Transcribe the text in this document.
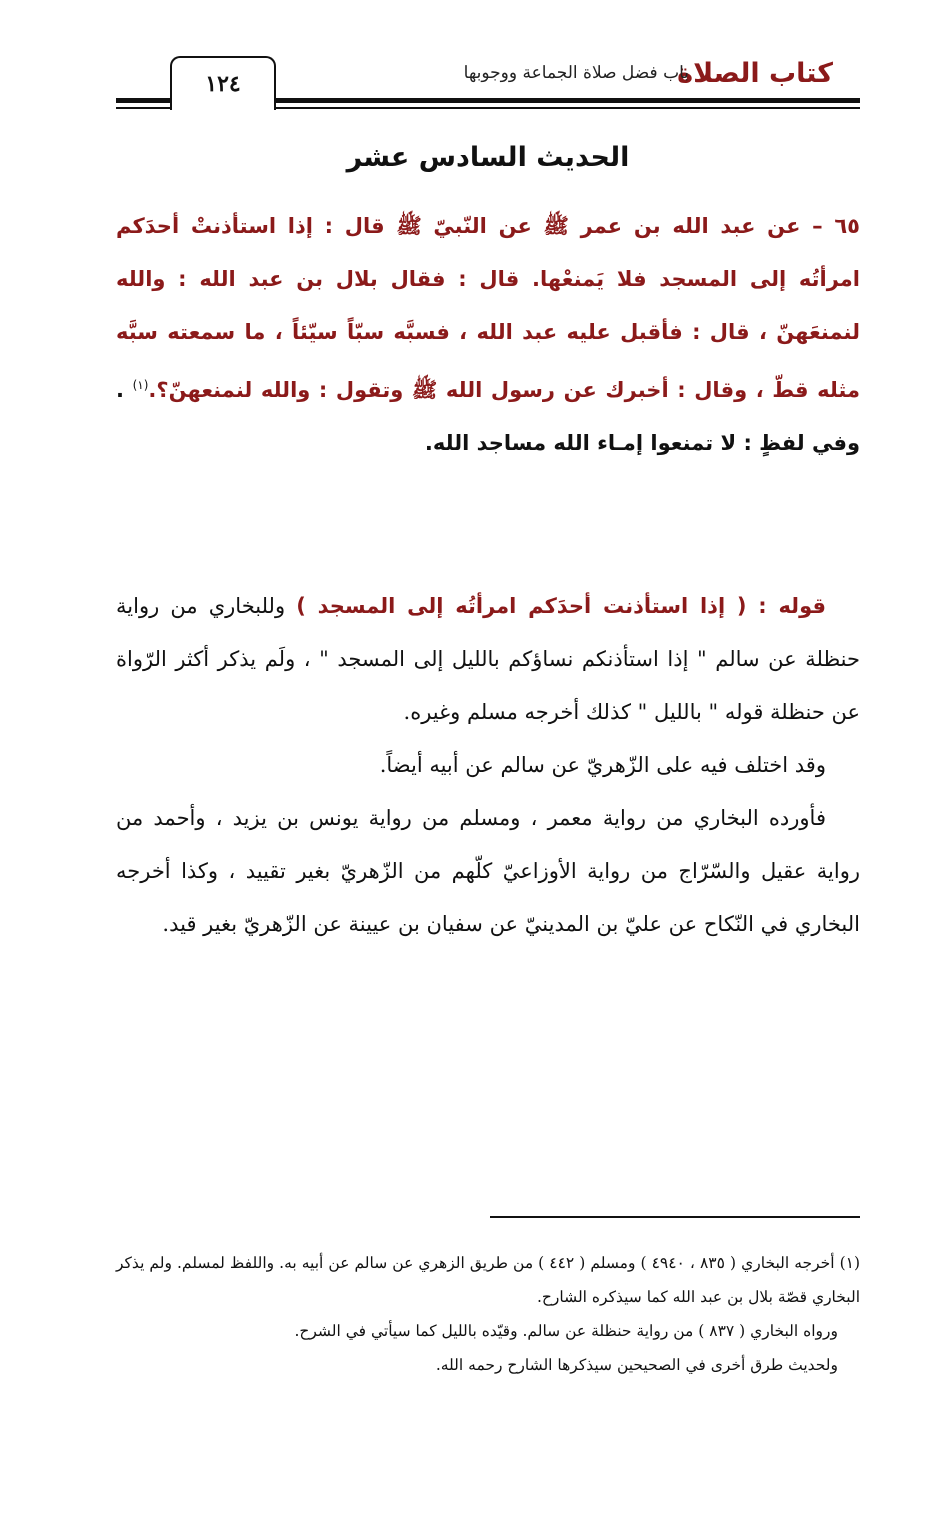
كتاب الصلاة
باب فضل صلاة الجماعة ووجوبها
١٢٤
الحديث السادس عشر
٦٥ – عن عبد الله بن عمر ﷺ عن النّبيّ ﷺ قال : إذا استأذنتْ أحدَكم امرأتُه إلى المسجد فلا يَمنعْها. قال : فقال بلال بن عبد الله : والله لنمنعَهنّ ، قال : فأقبل عليه عبد الله ، فسبَّه سبّاً سيّئاً ، ما سمعته سبَّه مثله قطّ ، وقال : أخبرك عن رسول الله ﷺ وتقول : والله لنمنعهنّ؟.$^{(١)}$ . وفي لفظٍ : لا تمنعوا إمـاء الله مساجد الله.

قوله : ( إذا استأذنت أحدَكم امرأتُه إلى المسجد ) وللبخاري من رواية حنظلة عن سالم " إذا استأذنكم نساؤكم بالليل إلى المسجد " ، ولَم يذكر أكثر الرّواة عن حنظلة قوله " بالليل " كذلك أخرجه مسلم وغيره.

وقد اختلف فيه على الزّهريّ عن سالم عن أبيه أيضاً.

فأورده البخاري من رواية معمر ، ومسلم من رواية يونس بن يزيد ، وأحمد من رواية عقيل والسّرّاج من رواية الأوزاعيّ كلّهم من الزّهريّ بغير تقييد ، وكذا أخرجه البخاري في النّكاح عن عليّ بن المدينيّ عن سفيان بن عيينة عن الزّهريّ بغير قيد.

(١) أخرجه البخاري ( ٨٣٥ ، ٤٩٤٠ ) ومسلم ( ٤٤٢ ) من طريق الزهري عن سالم عن أبيه به. واللفظ لمسلم. ولم يذكر البخاري قصّة بلال بن عبد الله كما سيذكره الشارح.

ورواه البخاري ( ٨٣٧ ) من رواية حنظلة عن سالم. وقيّده بالليل كما سيأتي في الشرح.

ولحديث طرق أخرى في الصحيحين سيذكرها الشارح رحمه الله.
